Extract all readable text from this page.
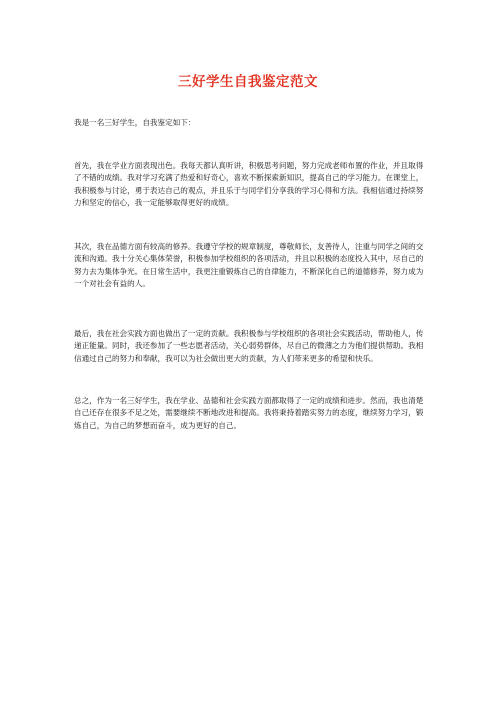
三好学生自我鉴定范文

我是一名三好学生，自我鉴定如下：

首先，我在学业方面表现出色。我每天都认真听讲，积极思考问题，努力完成老师布置的作业，并且取得了不错的成绩。我对学习充满了热爱和好奇心，喜欢不断探索新知识，提高自己的学习能力。在课堂上，我积极参与讨论，勇于表达自己的观点，并且乐于与同学们分享我的学习心得和方法。我相信通过持续努力和坚定的信心，我一定能够取得更好的成绩。

其次，我在品德方面有较高的修养。我遵守学校的规章制度，尊敬师长，友善待人，注重与同学之间的交流和沟通。我十分关心集体荣誉，积极参加学校组织的各项活动，并且以积极的态度投入其中，尽自己的努力去为集体争光。在日常生活中，我更注重锻炼自己的自律能力，不断深化自己的道德修养，努力成为一个对社会有益的人。

最后，我在社会实践方面也做出了一定的贡献。我积极参与学校组织的各项社会实践活动，帮助他人，传递正能量。同时，我还参加了一些志愿者活动，关心弱势群体，尽自己的微薄之力为他们提供帮助。我相信通过自己的努力和奉献，我可以为社会做出更大的贡献，为人们带来更多的希望和快乐。

总之，作为一名三好学生，我在学业、品德和社会实践方面都取得了一定的成绩和进步。然而，我也清楚自己还存在很多不足之处，需要继续不断地改进和提高。我将秉持着踏实努力的态度，继续努力学习，锻炼自己，为自己的梦想而奋斗，成为更好的自己。
